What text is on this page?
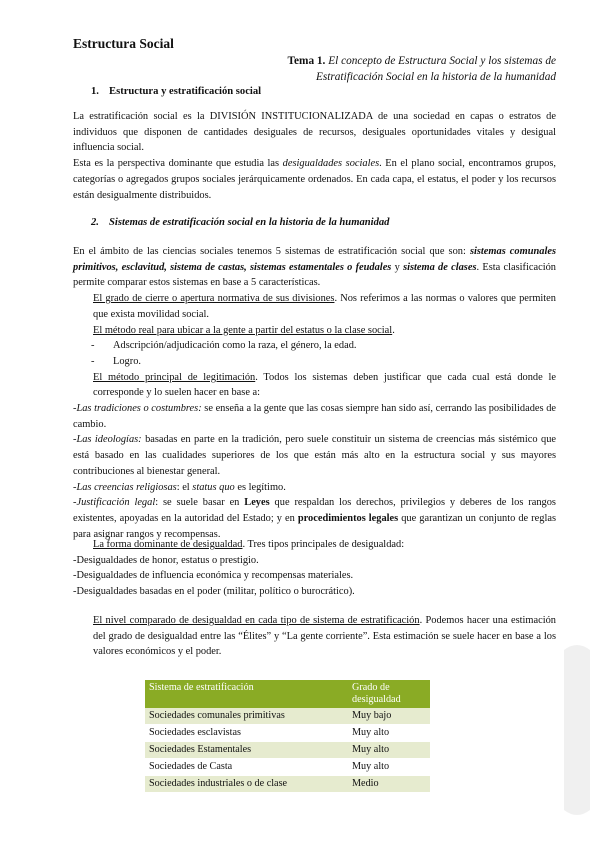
Estructura Social
Tema 1. El concepto de Estructura Social y los sistemas de Estratificación Social en la historia de la humanidad
1. Estructura y estratificación social

La estratificación social es la DIVISIÓN INSTITUCIONALIZADA de una sociedad en capas o estratos de individuos que disponen de cantidades desiguales de recursos, desiguales oportunidades vitales y desigual influencia social.

Esta es la perspectiva dominante que estudia las desigualdades sociales. En el plano social, encontramos grupos, categorías o agregados grupos sociales jerárquicamente ordenados. En cada capa, el estatus, el poder y los recursos están desigualmente distribuidos.

2. Sistemas de estratificación social en la historia de la humanidad

En el ámbito de las ciencias sociales tenemos 5 sistemas de estratificación social que son: sistemas comunales primitivos, esclavitud, sistema de castas, sistemas estamentales o feudales y sistema de clases. Esta clasificación permite comparar estos sistemas en base a 5 características.

El grado de cierre o apertura normativa de sus divisiones. Nos referimos a las normas o valores que permiten que exista movilidad social.

El método real para ubicar a la gente a partir del estatus o la clase social.

-	Adscripción/adjudicación como la raza, el género, la edad.
-	Logro.

El método principal de legitimación. Todos los sistemas deben justificar que cada cual está donde le corresponde y lo suelen hacer en base a:

-Las tradiciones o costumbres: se enseña a la gente que las cosas siempre han sido así, cerrando las posibilidades de cambio.

-Las ideologías: basadas en parte en la tradición, pero suele constituir un sistema de creencias más sistémico que está basado en las cualidades superiores de los que están más alto en la estructura social y sus mayores contribuciones al bienestar general.

-Las creencias religiosas: el status quo es legítimo.

-Justificación legal: se suele basar en Leyes que respaldan los derechos, privilegios y deberes de los rangos existentes, apoyadas en la autoridad del Estado; y en procedimientos legales que garantizan un conjunto de reglas para asignar rangos y recompensas.

La forma dominante de desigualdad. Tres tipos principales de desigualdad:

-Desigualdades de honor, estatus o prestigio.

-Desigualdades de influencia económica y recompensas materiales.

-Desigualdades basadas en el poder (militar, político o burocrático).

El nivel comparado de desigualdad en cada tipo de sistema de estratificación. Podemos hacer una estimación del grado de desigualdad entre las “Élites” y “La gente corriente”. Esta estimación se suele hacer en base a los valores económicos y el poder.

Sistema de estratificación	Grado de desigualdad
Sociedades comunales primitivas	Muy bajo
Sociedades esclavistas	Muy alto
Sociedades Estamentales	Muy alto
Sociedades de Casta	Muy alto
Sociedades industriales o de clase	Medio
